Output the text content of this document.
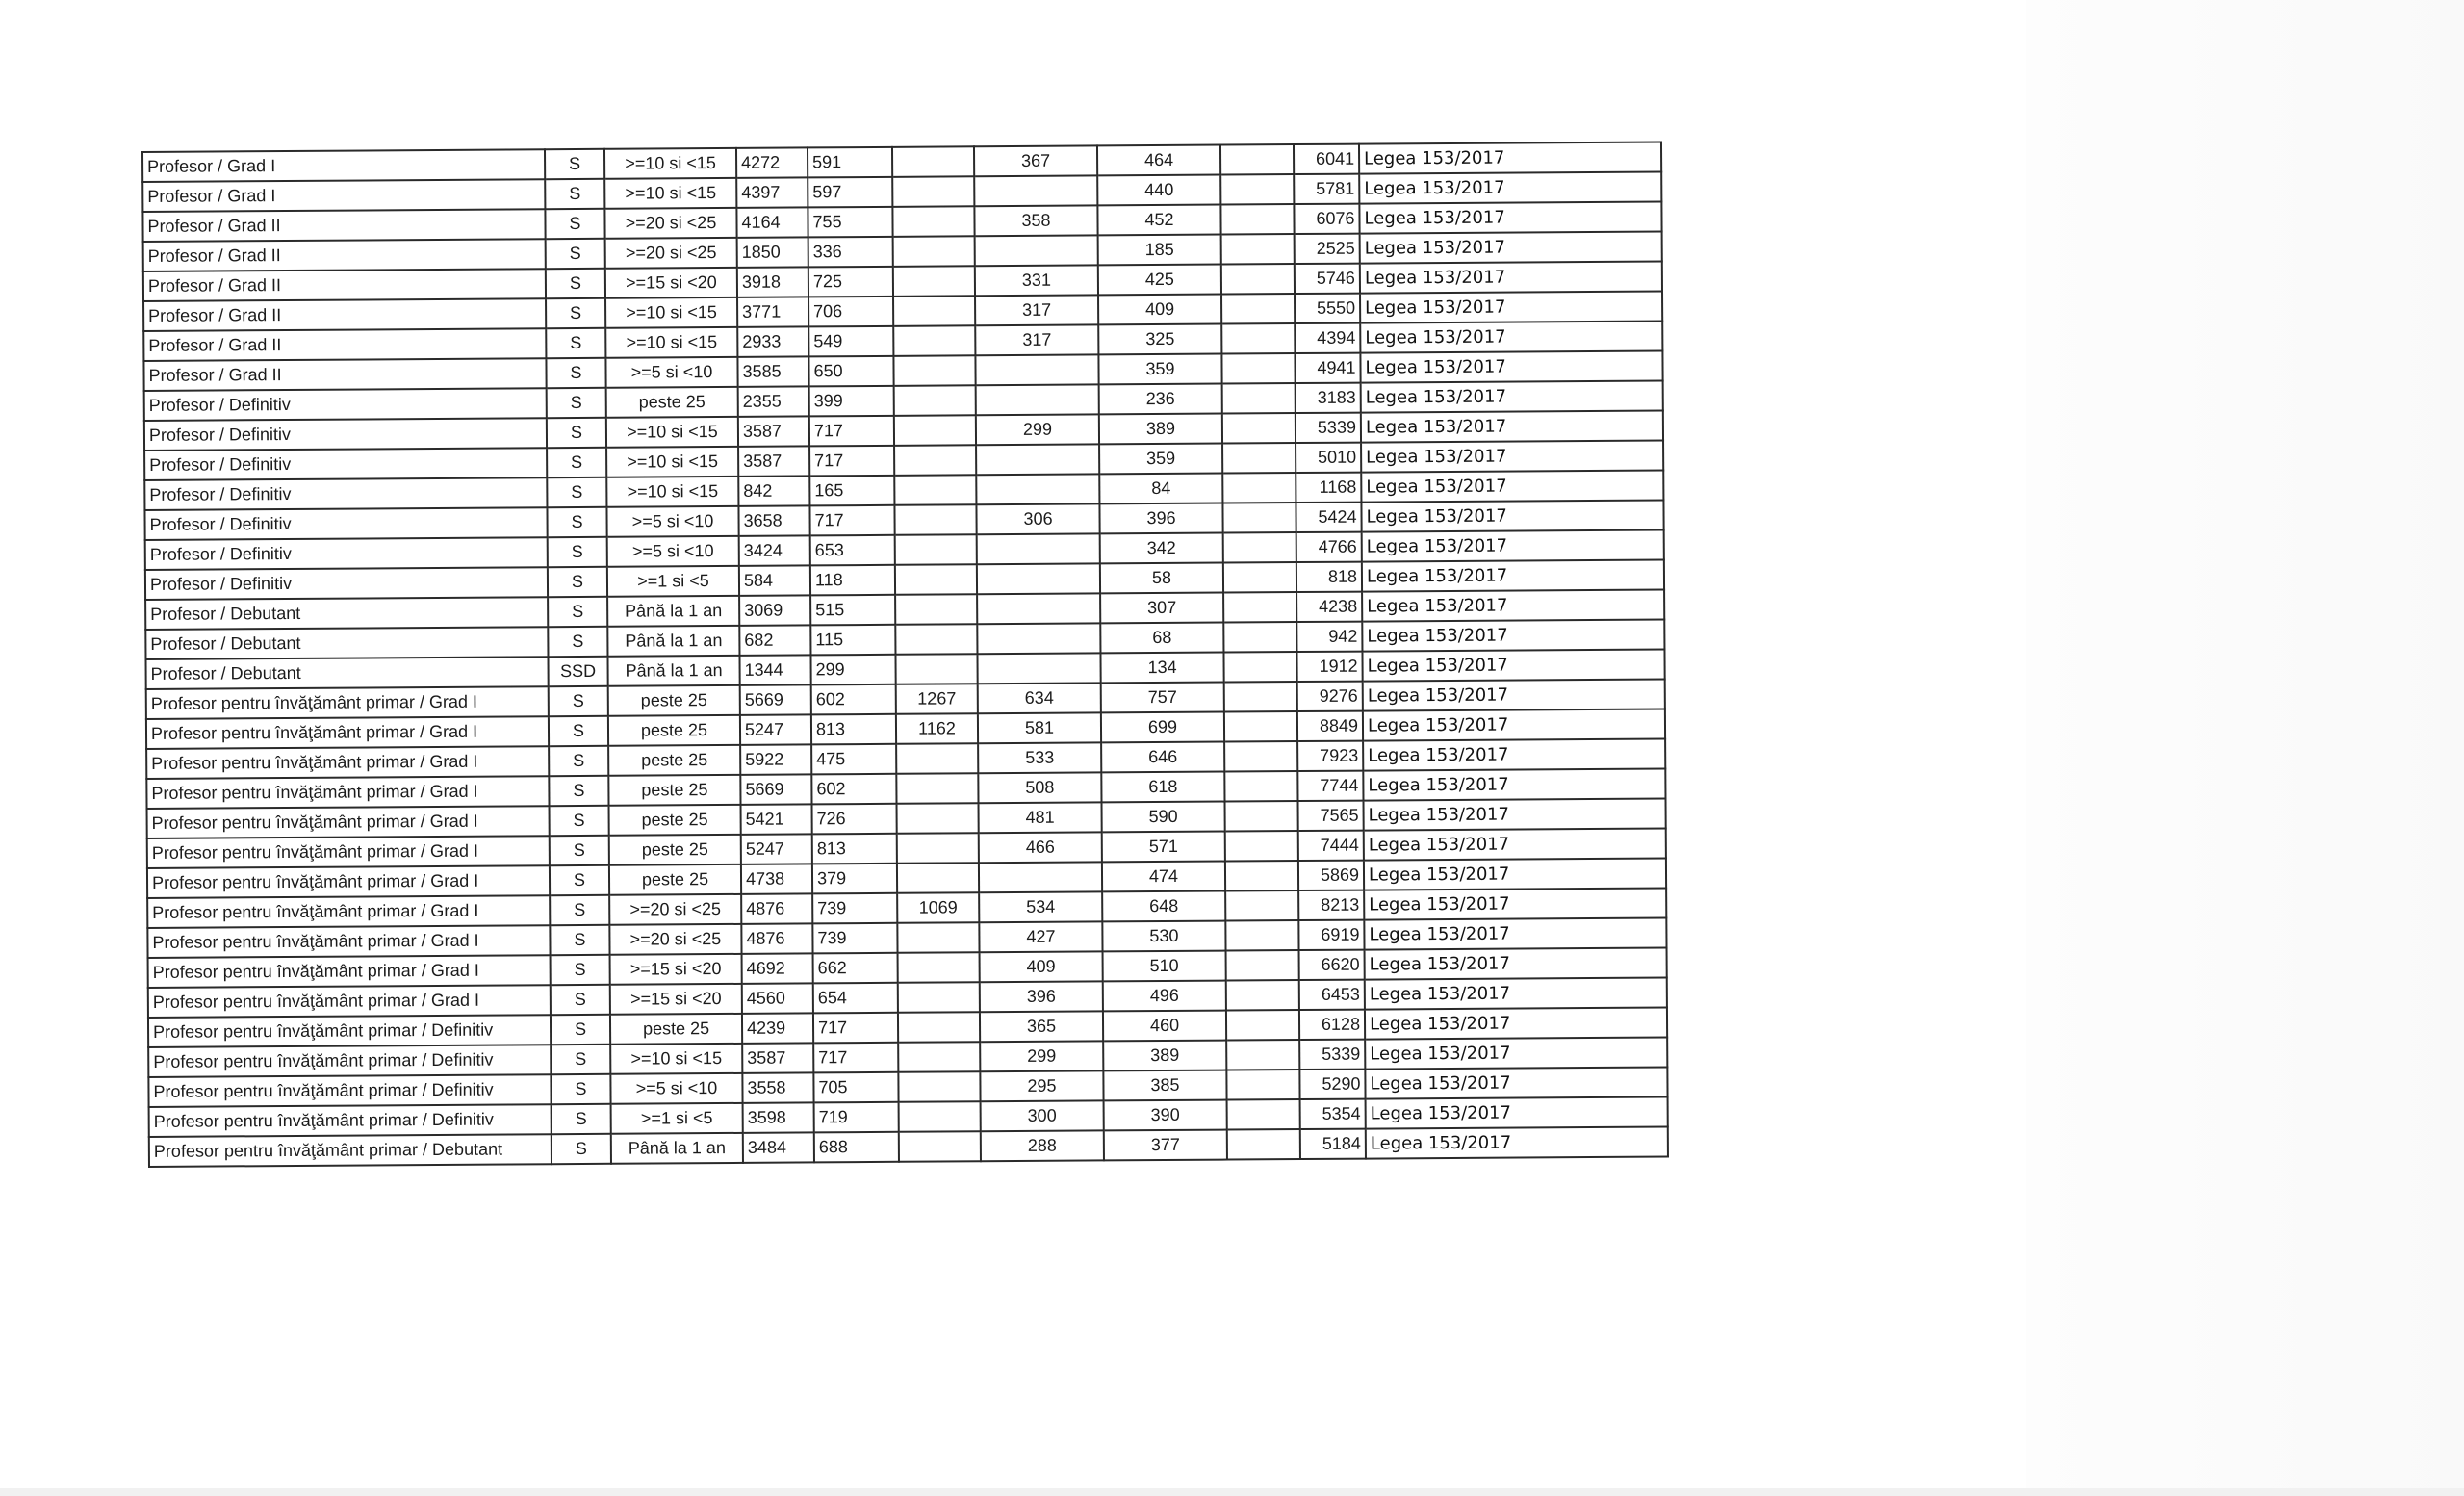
Profesor / Grad I	S	>=10 si <15	4272	591		367	464		6041	Legea 153/2017
Profesor / Grad I	S	>=10 si <15	4397	597			440		5781	Legea 153/2017
Profesor / Grad II	S	>=20 si <25	4164	755		358	452		6076	Legea 153/2017
Profesor / Grad II	S	>=20 si <25	1850	336			185		2525	Legea 153/2017
Profesor / Grad II	S	>=15 si <20	3918	725		331	425		5746	Legea 153/2017
Profesor / Grad II	S	>=10 si <15	3771	706		317	409		5550	Legea 153/2017
Profesor / Grad II	S	>=10 si <15	2933	549		317	325		4394	Legea 153/2017
Profesor / Grad II	S	>=5 si <10	3585	650			359		4941	Legea 153/2017
Profesor / Definitiv	S	peste 25	2355	399			236		3183	Legea 153/2017
Profesor / Definitiv	S	>=10 si <15	3587	717		299	389		5339	Legea 153/2017
Profesor / Definitiv	S	>=10 si <15	3587	717			359		5010	Legea 153/2017
Profesor / Definitiv	S	>=10 si <15	842	165			84		1168	Legea 153/2017
Profesor / Definitiv	S	>=5 si <10	3658	717		306	396		5424	Legea 153/2017
Profesor / Definitiv	S	>=5 si <10	3424	653			342		4766	Legea 153/2017
Profesor / Definitiv	S	>=1 si <5	584	118			58		818	Legea 153/2017
Profesor / Debutant	S	Până la 1 an	3069	515			307		4238	Legea 153/2017
Profesor / Debutant	S	Până la 1 an	682	115			68		942	Legea 153/2017
Profesor / Debutant	SSD	Până la 1 an	1344	299			134		1912	Legea 153/2017
Profesor pentru învăţământ primar / Grad I	S	peste 25	5669	602	1267	634	757		9276	Legea 153/2017
Profesor pentru învăţământ primar / Grad I	S	peste 25	5247	813	1162	581	699		8849	Legea 153/2017
Profesor pentru învăţământ primar / Grad I	S	peste 25	5922	475		533	646		7923	Legea 153/2017
Profesor pentru învăţământ primar / Grad I	S	peste 25	5669	602		508	618		7744	Legea 153/2017
Profesor pentru învăţământ primar / Grad I	S	peste 25	5421	726		481	590		7565	Legea 153/2017
Profesor pentru învăţământ primar / Grad I	S	peste 25	5247	813		466	571		7444	Legea 153/2017
Profesor pentru învăţământ primar / Grad I	S	peste 25	4738	379			474		5869	Legea 153/2017
Profesor pentru învăţământ primar / Grad I	S	>=20 si <25	4876	739	1069	534	648		8213	Legea 153/2017
Profesor pentru învăţământ primar / Grad I	S	>=20 si <25	4876	739		427	530		6919	Legea 153/2017
Profesor pentru învăţământ primar / Grad I	S	>=15 si <20	4692	662		409	510		6620	Legea 153/2017
Profesor pentru învăţământ primar / Grad I	S	>=15 si <20	4560	654		396	496		6453	Legea 153/2017
Profesor pentru învăţământ primar / Definitiv	S	peste 25	4239	717		365	460		6128	Legea 153/2017
Profesor pentru învăţământ primar / Definitiv	S	>=10 si <15	3587	717		299	389		5339	Legea 153/2017
Profesor pentru învăţământ primar / Definitiv	S	>=5 si <10	3558	705		295	385		5290	Legea 153/2017
Profesor pentru învăţământ primar / Definitiv	S	>=1 si <5	3598	719		300	390		5354	Legea 153/2017
Profesor pentru învăţământ primar / Debutant	S	Până la 1 an	3484	688		288	377		5184	Legea 153/2017
